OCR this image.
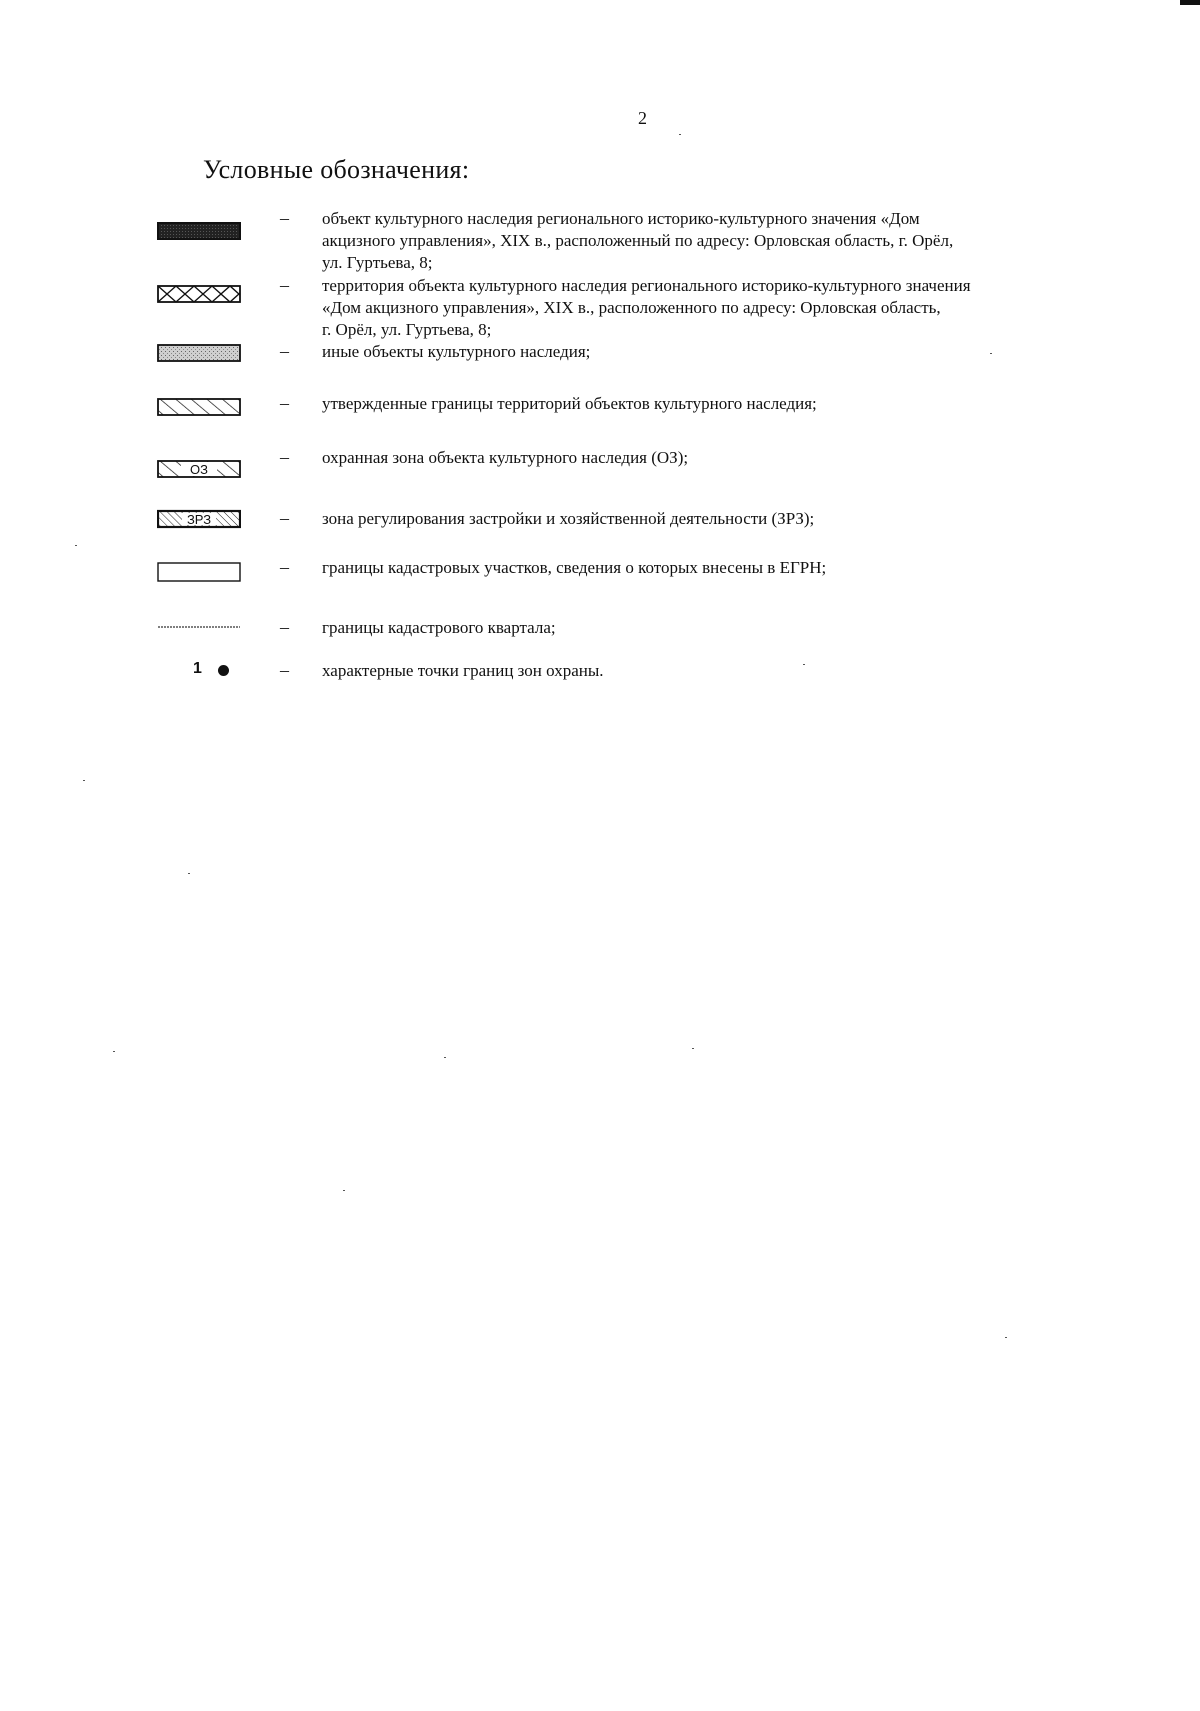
2
Условные обозначения:
– объект культурного наследия регионального историко-культурного значения «Дом
акцизного управления», XIX в., расположенный по адресу: Орловская область, г. Орёл,
ул. Гуртьева, 8;
– территория объекта культурного наследия регионального историко-культурного значения
«Дом акцизного управления», XIX в., расположенного по адресу: Орловская область,
г. Орёл, ул. Гуртьева, 8;
– иные объекты культурного наследия;
– утвержденные границы территорий объектов культурного наследия;
ОЗ
– охранная зона объекта культурного наследия (ОЗ);
ЗРЗ	– зона регулирования застройки и хозяйственной деятельности (ЗРЗ);
– границы кадастровых участков, сведения о которых внесены в ЕГРН;
– границы кадастрового квартала;
1	– характерные точки границ зон охраны.
